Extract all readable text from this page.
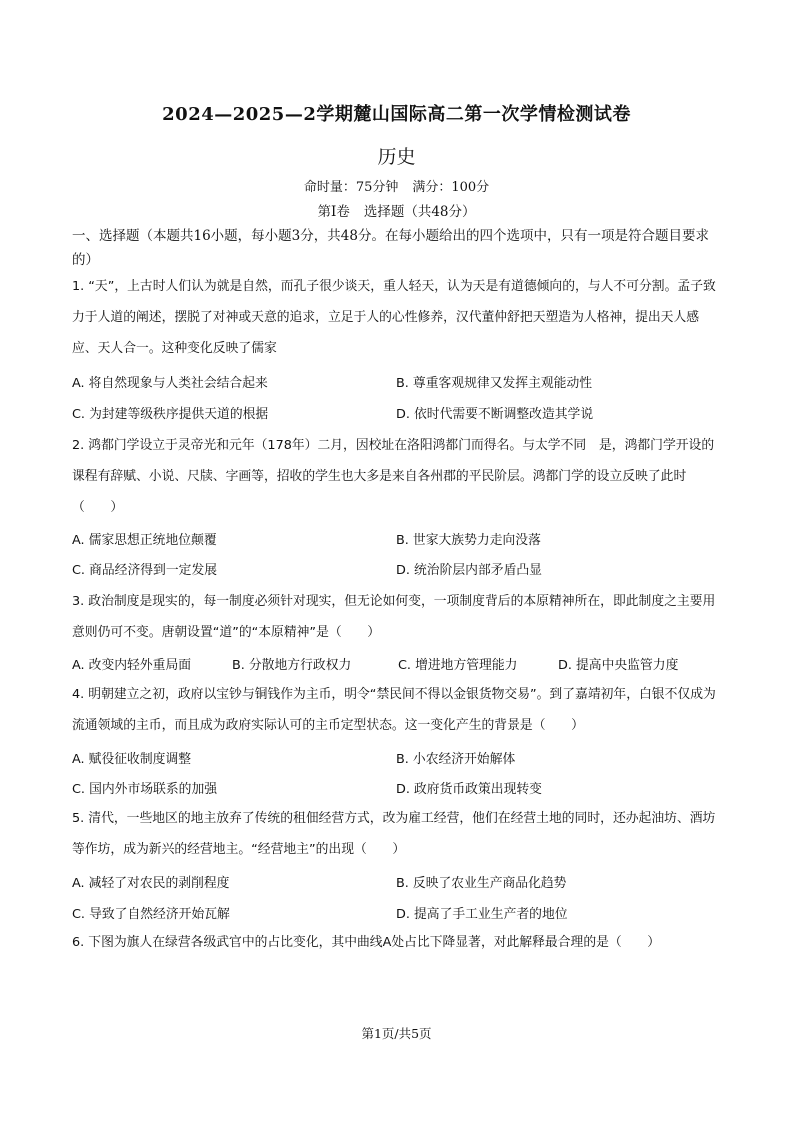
2024—2025—2学期麓山国际高二第一次学情检测试卷
历史
命时量：75分钟 满分：100分
第I卷 选择题（共48分）
一、选择题（本题共16小题，每小题3分，共48分。在每小题给出的四个选项中，只有一项是符合题目要求的）
1. “天”，上古时人们认为就是自然，而孔子很少谈天，重人轻天，认为天是有道德倾向的，与人不可分割。孟子致力于人道的阐述，摆脱了对神或天意的追求，立足于人的心性修养，汉代董仲舒把天塑造为人格神，提出天人感应、天人合一。这种变化反映了儒家
A. 将自然现象与人类社会结合起来	B. 尊重客观规律又发挥主观能动性
C. 为封建等级秩序提供天道的根据	D. 依时代需要不断调整改造其学说
2. 鸿都门学设立于灵帝光和元年（178年）二月，因校址在洛阳鸿都门而得名。与太学不同　是，鸿都门学开设的课程有辞赋、小说、尺牍、字画等，招收的学生也大多是来自各州郡的平民阶层。鸿都门学的设立反映了此时（　　）
A. 儒家思想正统地位颠覆	B. 世家大族势力走向没落
C. 商品经济得到一定发展	D. 统治阶层内部矛盾凸显
3. 政治制度是现实的，每一制度必须针对现实，但无论如何变，一项制度背后的本原精神所在，即此制度之主要用意则仍可不变。唐朝设置“道”的“本原精神”是（　　）
A. 改变内轻外重局面	B. 分散地方行政权力	C. 增进地方管理能力	D. 提高中央监管力度
4. 明朝建立之初，政府以宝钞与铜钱作为主币，明令“禁民间不得以金银货物交易”。到了嘉靖初年，白银不仅成为流通领域的主币，而且成为政府实际认可的主币定型状态。这一变化产生的背景是（　　）
A. 赋役征收制度调整	B. 小农经济开始解体
C. 国内外市场联系的加强	D. 政府货币政策出现转变
5. 清代，一些地区的地主放弃了传统的租佃经营方式，改为雇工经营，他们在经营土地的同时，还办起油坊、酒坊等作坊，成为新兴的经营地主。“经营地主”的出现（　　）
A. 减轻了对农民的剥削程度	B. 反映了农业生产商品化趋势
C. 导致了自然经济开始瓦解	D. 提高了手工业生产者的地位
6. 下图为旗人在绿营各级武官中的占比变化，其中曲线A处占比下降显著，对此解释最合理的是（　　）
第1页/共5页
